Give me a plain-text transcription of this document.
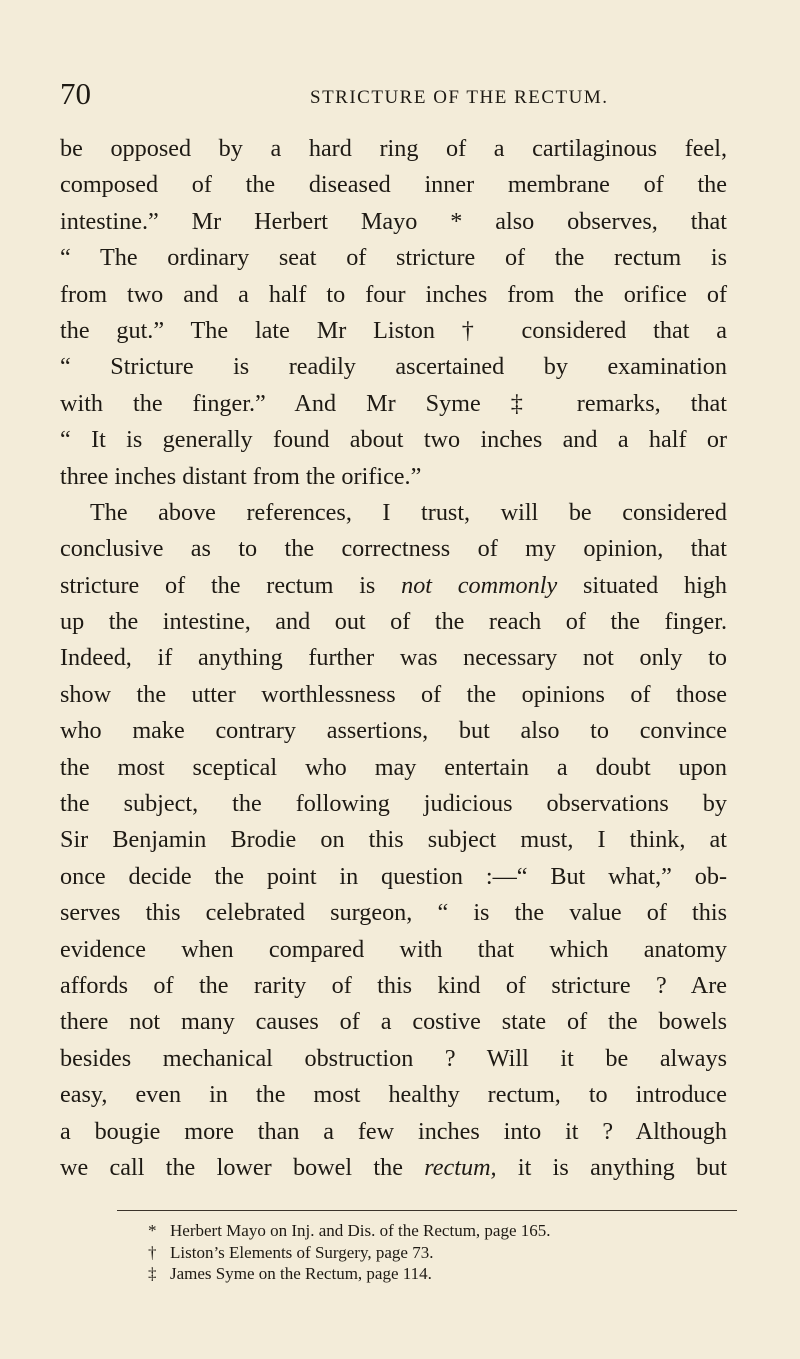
70	STRICTURE OF THE RECTUM.
be opposed by a hard ring of a cartilaginous feel,
composed of the diseased inner membrane of the
intestine.” Mr Herbert Mayo * also observes, that
“ The ordinary seat of stricture of the rectum is
from two and a half to four inches from the orifice of
the gut.” The late Mr Liston † considered that a
“ Stricture is readily ascertained by examination
with the finger.” And Mr Syme ‡ remarks, that
“ It is generally found about two inches and a half or
three inches distant from the orifice.”
The above references, I trust, will be considered
conclusive as to the correctness of my opinion, that
stricture of the rectum is not commonly situated high
up the intestine, and out of the reach of the finger.
Indeed, if anything further was necessary not only to
show the utter worthlessness of the opinions of those
who make contrary assertions, but also to convince
the most sceptical who may entertain a doubt upon
the subject, the following judicious observations by
Sir Benjamin Brodie on this subject must, I think, at
once decide the point in question :—“ But what,” ob-
serves this celebrated surgeon, “ is the value of this
evidence when compared with that which anatomy
affords of the rarity of this kind of stricture ? Are
there not many causes of a costive state of the bowels
besides mechanical obstruction ? Will it be always
easy, even in the most healthy rectum, to introduce
a bougie more than a few inches into it ? Although
we call the lower bowel the rectum, it is anything but
* Herbert Mayo on Inj. and Dis. of the Rectum, page 165.
† Liston’s Elements of Surgery, page 73.
‡ James Syme on the Rectum, page 114.
